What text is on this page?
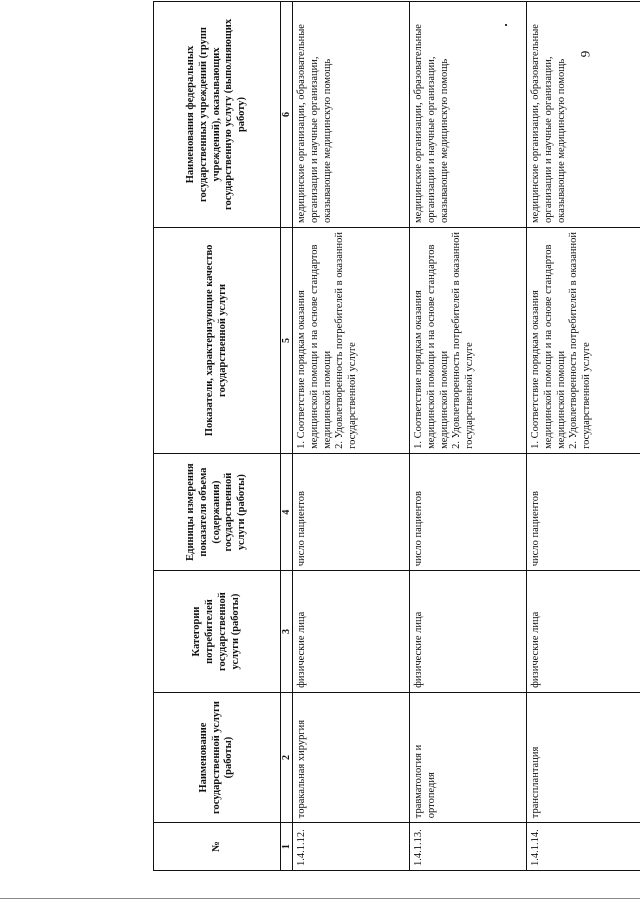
№	Наименование государственной услуги (работы)	Категории потребителей государственной услуги (работы)	Единицы измерения показателя объема (содержания) государственной услуги (работы)	Показатели, характеризующие качество государственной услуги	Наименования федеральных государственных учреждений (групп учреждений), оказывающих государственную услугу (выполняющих работу)
1	2	3	4	5	6
1.4.1.12.	торакальная хирургия	физические лица	число пациентов	1. Соответствие порядкам оказания медицинской помощи и на основе стандартов медицинской помощи 2. Удовлетворенность потребителей в оказанной государственной услуге	медицинские организации, образовательные организации и научные организации, оказывающие медицинскую помощь
1.4.1.13.	травматология и ортопедия	физические лица	число пациентов	1. Соответствие порядкам оказания медицинской помощи и на основе стандартов медицинской помощи 2. Удовлетворенность потребителей в оказанной государственной услуге	медицинские организации, образовательные организации и научные организации, оказывающие медицинскую помощь
1.4.1.14.	трансплантация	физические лица	число пациентов	1. Соответствие порядкам оказания медицинской помощи и на основе стандартов медицинской помощи 2. Удовлетворенность потребителей в оказанной государственной услуге	медицинские организации, образовательные организации и научные организации, оказывающие медицинскую помощь
9
